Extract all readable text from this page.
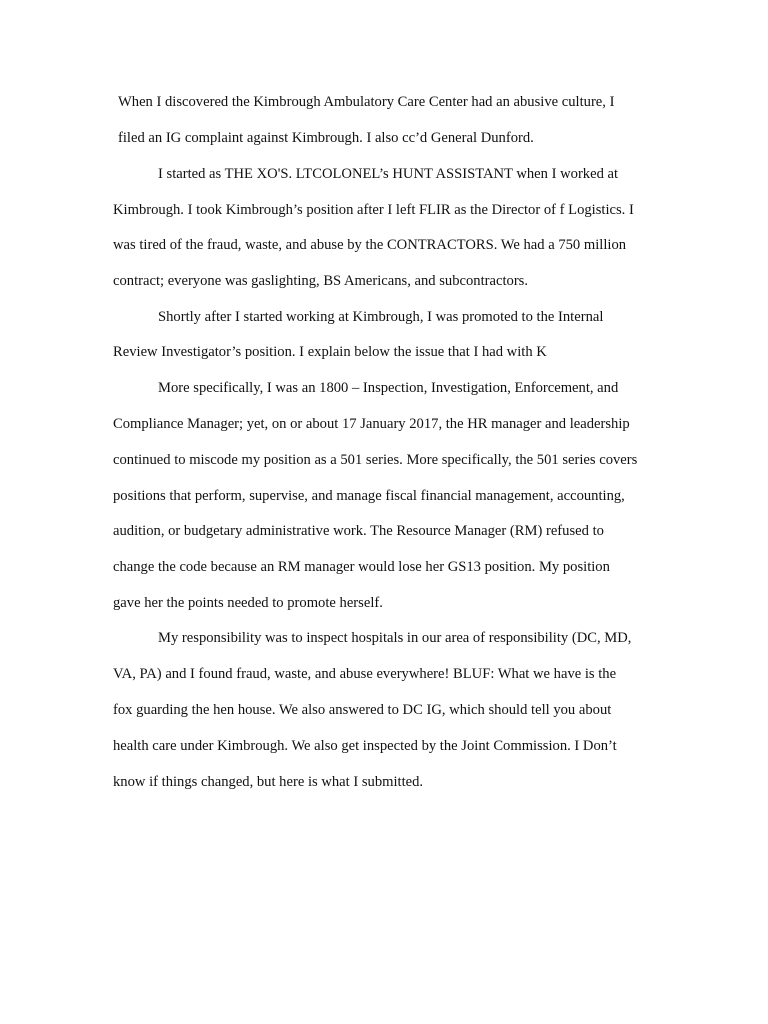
When I discovered the Kimbrough Ambulatory Care Center had an abusive culture, I
filed an IG complaint against Kimbrough. I also cc’d General Dunford.
I started as THE XO'S. LTCOLONEL’s HUNT ASSISTANT when I worked at
Kimbrough. I took Kimbrough’s position after I left FLIR as the Director of f Logistics. I
was tired of the fraud, waste, and abuse by the CONTRACTORS. We had a 750 million
contract; everyone was gaslighting, BS Americans, and subcontractors.
Shortly after I started working at Kimbrough, I was promoted to the Internal
Review Investigator’s position. I explain below the issue that I had with K
More specifically, I was an 1800 – Inspection, Investigation, Enforcement, and
Compliance Manager; yet, on or about 17 January 2017, the HR manager and leadership
continued to miscode my position as a 501 series. More specifically, the 501 series covers
positions that perform, supervise, and manage fiscal financial management, accounting,
audition, or budgetary administrative work. The Resource Manager (RM) refused to
change the code because an RM manager would lose her GS13 position. My position
gave her the points needed to promote herself.
My responsibility was to inspect hospitals in our area of responsibility (DC, MD,
VA, PA) and I found fraud, waste, and abuse everywhere! BLUF: What we have is the
fox guarding the hen house. We also answered to DC IG, which should tell you about
health care under Kimbrough. We also get inspected by the Joint Commission. I Don’t
know if things changed, but here is what I submitted.
